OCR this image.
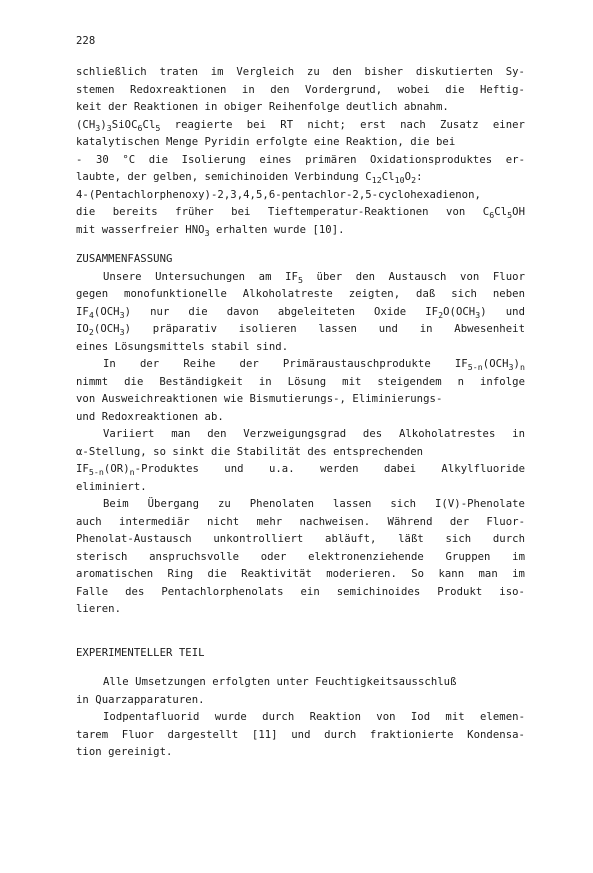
228
schließlich traten im Vergleich zu den bisher diskutierten Sy-
stemen Redoxreaktionen in den Vordergrund, wobei die Heftig-
keit der Reaktionen in obiger Reihenfolge deutlich abnahm.
$(CH_3)_3SiOC_6Cl_5$ reagierte bei RT nicht; erst nach Zusatz einer
katalytischen Menge Pyridin erfolgte eine Reaktion, die bei
- 30 °C die Isolierung eines primären Oxidationsproduktes er-
laubte, der gelben, semichinoiden Verbindung $C_{12}Cl_{10}O_2$:
4-(Pentachlorphenoxy)-2,3,4,5,6-pentachlor-2,5-cyclohexadienon,
die bereits früher bei Tieftemperatur-Reaktionen von $C_6Cl_5OH$
mit wasserfreier $HNO_3$ erhalten wurde [10].
ZUSAMMENFASSUNG
Unsere Untersuchungen am $IF_5$ über den Austausch von Fluor
gegen monofunktionelle Alkoholatreste zeigten, daß sich neben
$IF_4(OCH_3)$ nur die davon abgeleiteten Oxide $IF_2O(OCH_3)$ und
$IO_2(OCH_3)$ präparativ isolieren lassen und in Abwesenheit
eines Lösungsmittels stabil sind.
In der Reihe der Primäraustauschprodukte $IF_{5-n}(OCH_3)_n$
nimmt die Beständigkeit in Lösung mit steigendem n infolge
von Ausweichreaktionen wie Bismutierungs-, Eliminierungs-
und Redoxreaktionen ab.
Variiert man den Verzweigungsgrad des Alkoholatrestes in
α-Stellung, so sinkt die Stabilität des entsprechenden
$IF_{5-n}(OR)_n$-Produktes und u.a. werden dabei Alkylfluoride
eliminiert.
Beim Übergang zu Phenolaten lassen sich I(V)-Phenolate
auch intermediär nicht mehr nachweisen. Während der Fluor-
Phenolat-Austausch unkontrolliert abläuft, läßt sich durch
sterisch anspruchsvolle oder elektronenziehende Gruppen im
aromatischen Ring die Reaktivität moderieren. So kann man im
Falle des Pentachlorphenolats ein semichinoides Produkt iso-
lieren.
EXPERIMENTELLER TEIL
Alle Umsetzungen erfolgten unter Feuchtigkeitsausschluß
in Quarzapparaturen.
Iodpentafluorid wurde durch Reaktion von Iod mit elemen-
tarem Fluor dargestellt [11] und durch fraktionierte Kondensa-
tion gereinigt.
